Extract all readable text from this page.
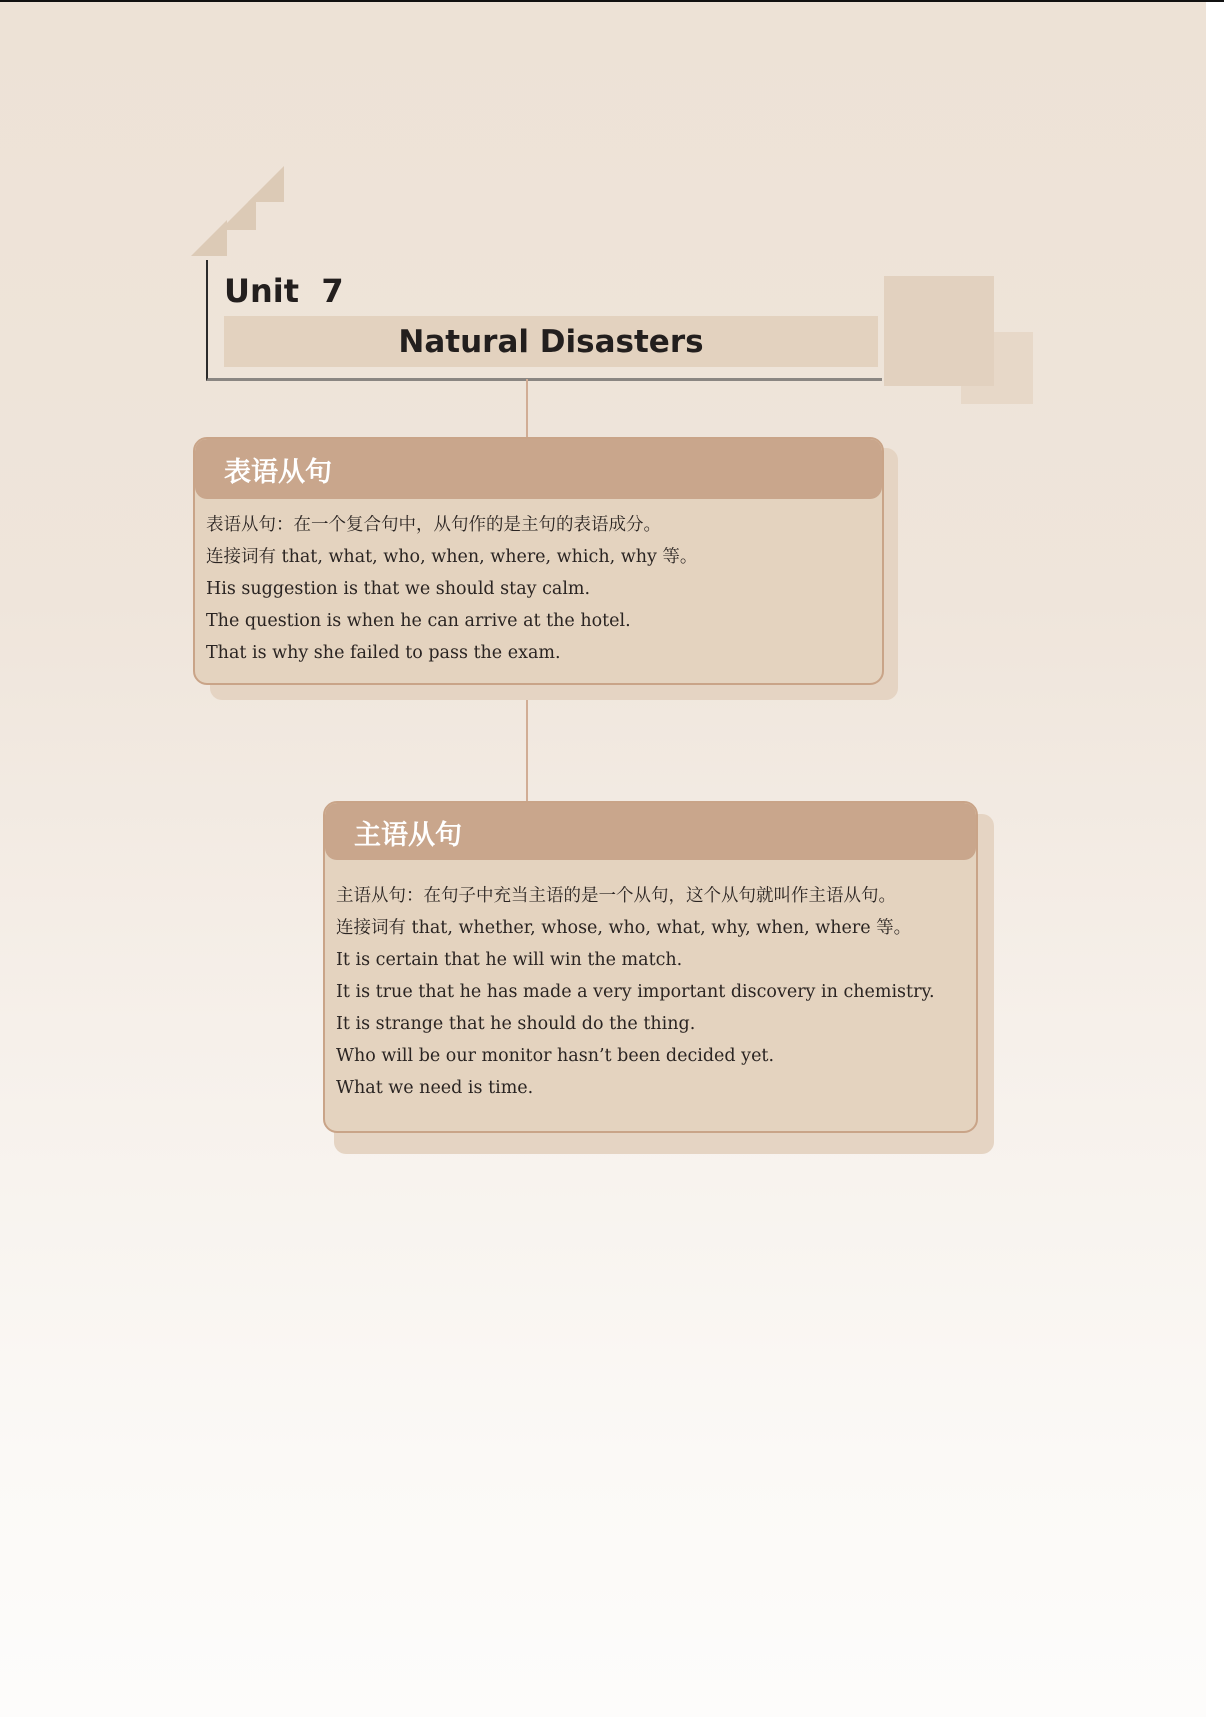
Unit  7
Natural Disasters
表语从句
表语从句：在一个复合句中，从句作的是主句的表语成分。
连接词有 that, what, who, when, where, which, why 等。
His suggestion is that we should stay calm.
The question is when he can arrive at the hotel.
That is why she failed to pass the exam.
主语从句
主语从句：在句子中充当主语的是一个从句，这个从句就叫作主语从句。
连接词有 that, whether, whose, who, what, why, when, where 等。
It is certain that he will win the match.
It is true that he has made a very important discovery in chemistry.
It is strange that he should do the thing.
Who will be our monitor hasn’t been decided yet.
What we need is time.
